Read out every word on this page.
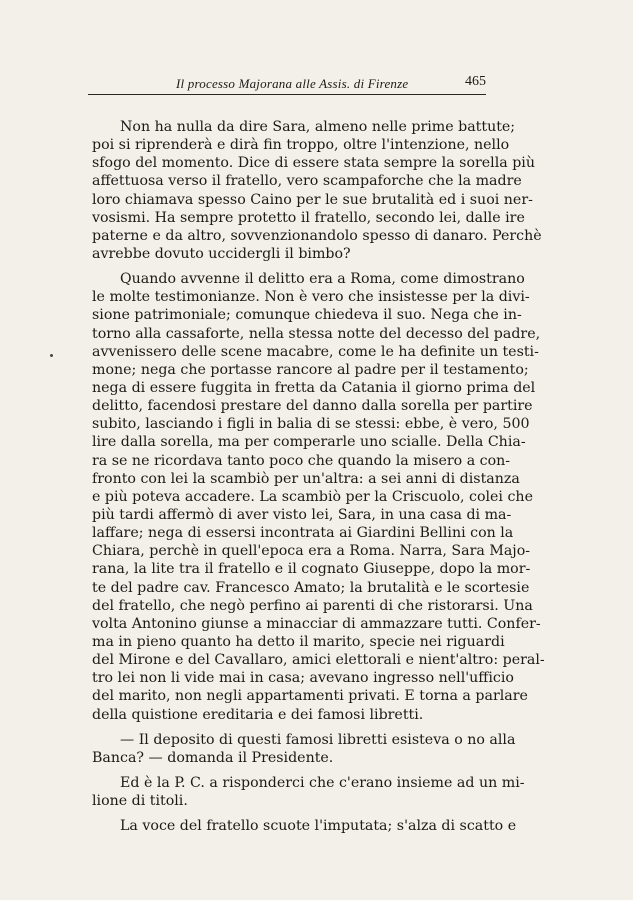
Il processo Majorana alle Assis. di Firenze	465
Non ha nulla da dire Sara, almeno nelle prime battute;
poi si riprenderà e dirà fin troppo, oltre l'intenzione, nello
sfogo del momento. Dice di essere stata sempre la sorella più
affettuosa verso il fratello, vero scampaforche che la madre
loro chiamava spesso Caino per le sue brutalità ed i suoi ner-
vosismi. Ha sempre protetto il fratello, secondo lei, dalle ire
paterne e da altro, sovvenzionandolo spesso di danaro. Perchè
avrebbe dovuto uccidergli il bimbo?
Quando avvenne il delitto era a Roma, come dimostrano
le molte testimonianze. Non è vero che insistesse per la divi-
sione patrimoniale; comunque chiedeva il suo. Nega che in-
torno alla cassaforte, nella stessa notte del decesso del padre,
avvenissero delle scene macabre, come le ha definite un testi-
mone; nega che portasse rancore al padre per il testamento;
nega di essere fuggita in fretta da Catania il giorno prima del
delitto, facendosi prestare del danno dalla sorella per partire
subito, lasciando i figli in balia di se stessi: ebbe, è vero, 500
lire dalla sorella, ma per comperarle uno scialle. Della Chia-
ra se ne ricordava tanto poco che quando la misero a con-
fronto con lei la scambiò per un'altra: a sei anni di distanza
e più poteva accadere. La scambiò per la Criscuolo, colei che
più tardi affermò di aver visto lei, Sara, in una casa di ma-
laffare; nega di essersi incontrata ai Giardini Bellini con la
Chiara, perchè in quell'epoca era a Roma. Narra, Sara Majo-
rana, la lite tra il fratello e il cognato Giuseppe, dopo la mor-
te del padre cav. Francesco Amato; la brutalità e le scortesie
del fratello, che negò perfino ai parenti di che ristorarsi. Una
volta Antonino giunse a minacciar di ammazzare tutti. Confer-
ma in pieno quanto ha detto il marito, specie nei riguardi
del Mirone e del Cavallaro, amici elettorali e nient'altro: peral-
tro lei non li vide mai in casa; avevano ingresso nell'ufficio
del marito, non negli appartamenti privati. E torna a parlare
della quistione ereditaria e dei famosi libretti.
— Il deposito di questi famosi libretti esisteva o no alla
Banca? — domanda il Presidente.
Ed è la P. C. a risponderci che c'erano insieme ad un mi-
lione di titoli.
La voce del fratello scuote l'imputata; s'alza di scatto e
